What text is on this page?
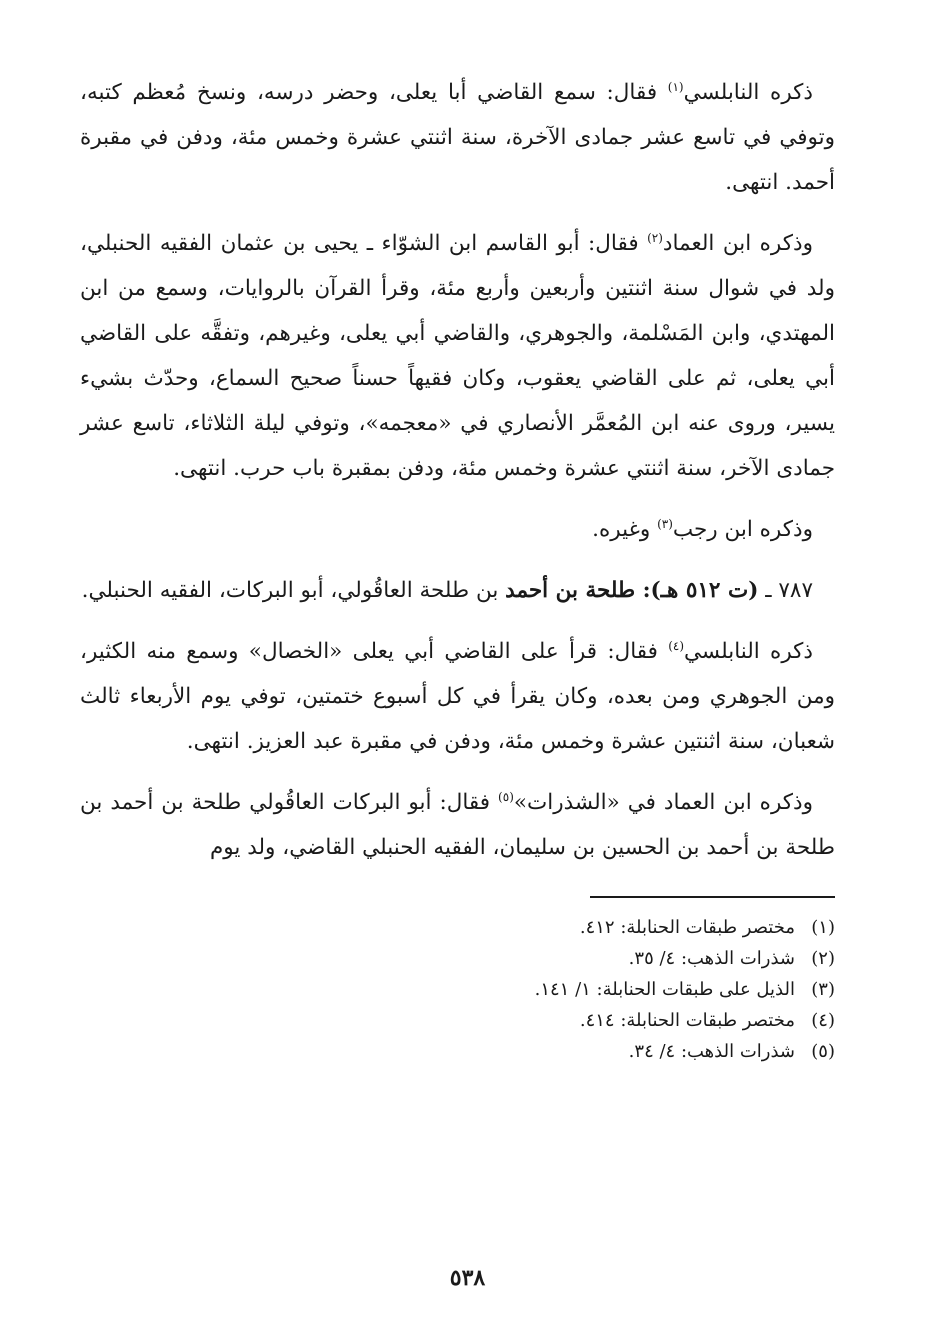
ذكره النابلسي$^{(١)}$ فقال: سمع القاضي أبا يعلى، وحضر درسه، ونسخ مُعظم كتبه، وتوفي في تاسع عشر جمادى الآخرة، سنة اثنتي عشرة وخمس مئة، ودفن في مقبرة أحمد. انتهى.

وذكره ابن العماد$^{(٢)}$ فقال: أبو القاسم ابن الشوّاء ـ يحيى بن عثمان الفقيه الحنبلي، ولد في شوال سنة اثنتين وأربعين وأربع مئة، وقرأ القرآن بالروايات، وسمع من ابن المهتدي، وابن المَسْلمة، والجوهري، والقاضي أبي يعلى، وغيرهم، وتفقَّه على القاضي أبي يعلى، ثم على القاضي يعقوب، وكان فقيهاً حسناً صحيح السماع، وحدّث بشيء يسير، وروى عنه ابن المُعمَّر الأنصاري في «معجمه»، وتوفي ليلة الثلاثاء، تاسع عشر جمادى الآخر، سنة اثنتي عشرة وخمس مئة، ودفن بمقبرة باب حرب. انتهى.

وذكره ابن رجب$^{(٣)}$ وغيره.

٧٨٧ ـ (ت ٥١٢ هـ): طلحة بن أحمد بن طلحة العاقُولي، أبو البركات، الفقيه الحنبلي.

ذكره النابلسي$^{(٤)}$ فقال: قرأ على القاضي أبي يعلى «الخصال» وسمع منه الكثير، ومن الجوهري ومن بعده، وكان يقرأ في كل أسبوع ختمتين، توفي يوم الأربعاء ثالث شعبان، سنة اثنتين عشرة وخمس مئة، ودفن في مقبرة عبد العزيز. انتهى.

وذكره ابن العماد في «الشذرات»$^{(٥)}$ فقال: أبو البركات العاقُولي طلحة بن أحمد بن طلحة بن أحمد بن الحسين بن سليمان، الفقيه الحنبلي القاضي، ولد يوم

(١)
مختصر طبقات الحنابلة: ٤١٢.
(٢)
شذرات الذهب: ٤/ ٣٥.
(٣)
الذيل على طبقات الحنابلة: ١/ ١٤١.
(٤)
مختصر طبقات الحنابلة: ٤١٤.
(٥)
شذرات الذهب: ٤/ ٣٤.
٥٣٨
